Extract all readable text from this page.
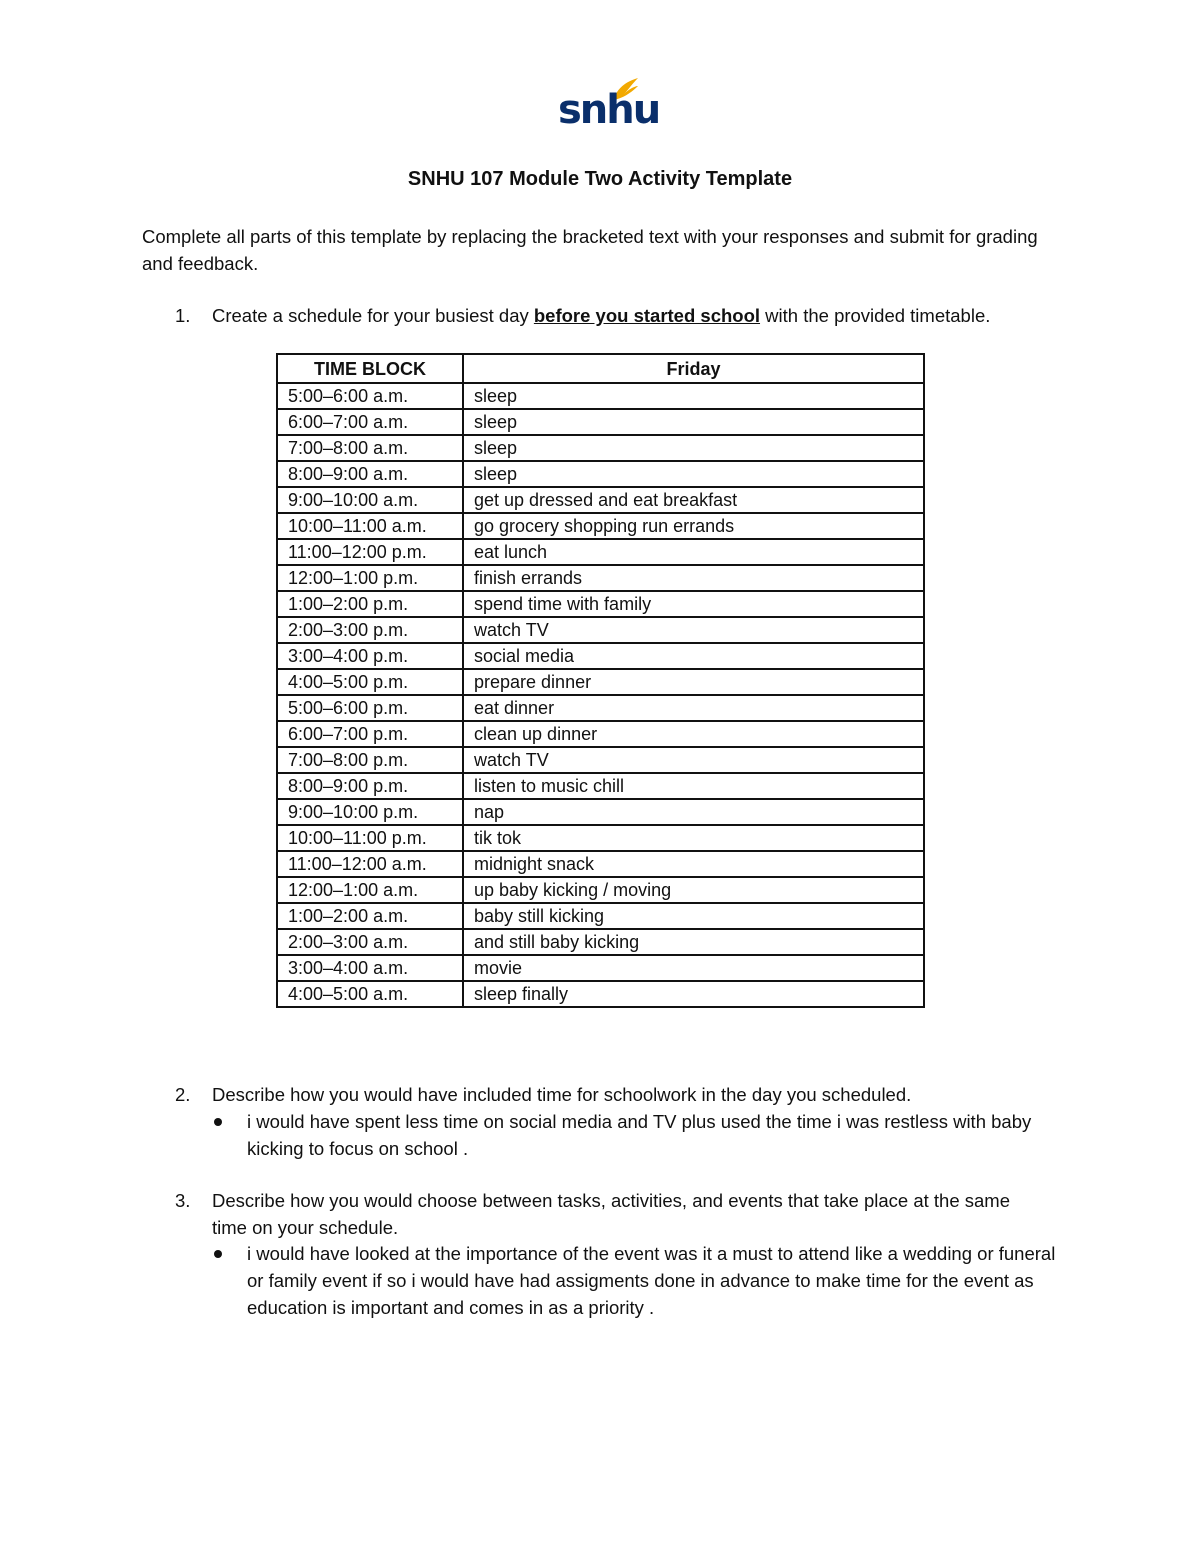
snhu
SNHU 107 Module Two Activity Template
Complete all parts of this template by replacing the bracketed text with your responses and submit for grading and feedback.
1.	Create a schedule for your busiest day before you started school with the provided timetable.
TIME BLOCK	Friday
5:00–6:00 a.m.	sleep
6:00–7:00 a.m.	sleep
7:00–8:00 a.m.	sleep
8:00–9:00 a.m.	sleep
9:00–10:00 a.m.	get up dressed and eat breakfast
10:00–11:00 a.m.	go grocery shopping run errands
11:00–12:00 p.m.	eat lunch
12:00–1:00 p.m.	finish errands
1:00–2:00 p.m.	spend time with family
2:00–3:00 p.m.	watch TV
3:00–4:00 p.m.	social media
4:00–5:00 p.m.	prepare dinner
5:00–6:00 p.m.	eat dinner
6:00–7:00 p.m.	clean up dinner
7:00–8:00 p.m.	watch TV
8:00–9:00 p.m.	listen to music chill
9:00–10:00 p.m.	nap
10:00–11:00 p.m.	tik tok
11:00–12:00 a.m.	midnight snack
12:00–1:00 a.m.	up baby kicking / moving
1:00–2:00 a.m.	baby still kicking
2:00–3:00 a.m.	and still baby kicking
3:00–4:00 a.m.	movie
4:00–5:00 a.m.	sleep finally
2.	Describe how you would have included time for schoolwork in the day you scheduled.
i would have spent less time on social media and TV plus used the time i was restless with baby kicking to focus on school .
3.	Describe how you would choose between tasks, activities, and events that take place at the same time on your schedule.
i would have looked at the importance of the event was it a must to attend like a wedding or funeral or family event if so i would have had assigments done in advance to make time for the event as education is important and comes in as a priority .
